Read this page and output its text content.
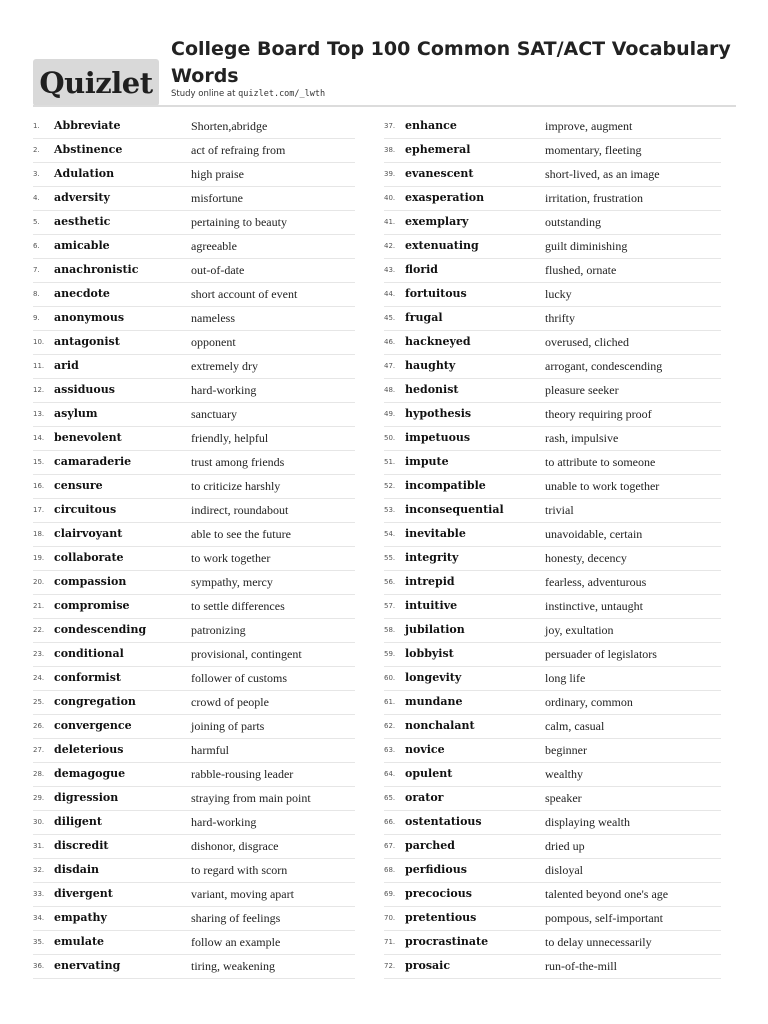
Quizlet
College Board Top 100 Common SAT/ACT Vocabulary Words
Study online at quizlet.com/_lwth
1.	Abbreviate	Shorten,abridge
2.	Abstinence	act of refraing from
3.	Adulation	high praise
4.	adversity	misfortune
5.	aesthetic	pertaining to beauty
6.	amicable	agreeable
7.	anachronistic	out-of-date
8.	anecdote	short account of event
9.	anonymous	nameless
10. antagonist	opponent
11. arid	extremely dry
12. assiduous	hard-working
13. asylum	sanctuary
14. benevolent	friendly, helpful
15. camaraderie	trust among friends
16. censure	to criticize harshly
17. circuitous	indirect, roundabout
18. clairvoyant	able to see the future
19. collaborate	to work together
20. compassion	sympathy, mercy
21. compromise	to settle differences
22. condescending	patronizing
23. conditional	provisional, contingent
24. conformist	follower of customs
25. congregation	crowd of people
26. convergence	joining of parts
27. deleterious	harmful
28. demagogue	rabble-rousing leader
29. digression	straying from main point
30. diligent	hard-working
31. discredit	dishonor, disgrace
32. disdain	to regard with scorn
33. divergent	variant, moving apart
34. empathy	sharing of feelings
35. emulate	follow an example
36. enervating	tiring, weakening
37. enhance	improve, augment
38. ephemeral	momentary, fleeting
39. evanescent	short-lived, as an image
40. exasperation	irritation, frustration
41. exemplary	outstanding
42. extenuating	guilt diminishing
43. florid	flushed, ornate
44. fortuitous	lucky
45. frugal	thrifty
46. hackneyed	overused, cliched
47. haughty	arrogant, condescending
48. hedonist	pleasure seeker
49. hypothesis	theory requiring proof
50. impetuous	rash, impulsive
51. impute	to attribute to someone
52. incompatible	unable to work together
53. inconsequential	trivial
54. inevitable	unavoidable, certain
55. integrity	honesty, decency
56. intrepid	fearless, adventurous
57. intuitive	instinctive, untaught
58. jubilation	joy, exultation
59. lobbyist	persuader of legislators
60. longevity	long life
61. mundane	ordinary, common
62. nonchalant	calm, casual
63. novice	beginner
64. opulent	wealthy
65. orator	speaker
66. ostentatious	displaying wealth
67. parched	dried up
68. perfidious	disloyal
69. precocious	talented beyond one's age
70. pretentious	pompous, self-important
71. procrastinate	to delay unnecessarily
72. prosaic	run-of-the-mill
